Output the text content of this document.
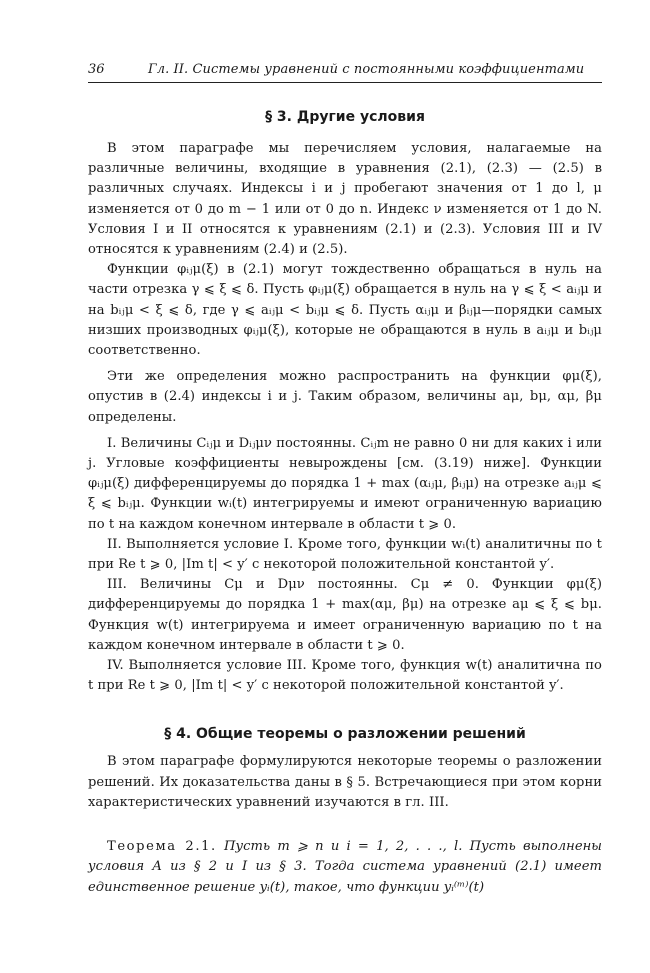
36	Гл. II. Системы уравнений с постоянными коэффициентами
§ 3. Другие условия

В этом параграфе мы перечисляем условия, налагаемые на различные величины, входящие в уравнения (2.1), (2.3) — (2.5) в различных случаях. Индексы i и j пробегают значения от 1 до l, μ изменяется от 0 до m − 1 или от 0 до n. Индекс ν изменяется от 1 до N. Условия I и II относятся к уравнениям (2.1) и (2.3). Условия III и IV относятся к уравнениям (2.4) и (2.5).

Функции φᵢⱼμ(ξ) в (2.1) могут тождественно обращаться в нуль на части отрезка γ ⩽ ξ ⩽ δ. Пусть φᵢⱼμ(ξ) обращается в нуль на γ ⩽ ξ < aᵢⱼμ и на bᵢⱼμ < ξ ⩽ δ, где γ ⩽ aᵢⱼμ < bᵢⱼμ ⩽ δ. Пусть αᵢⱼμ и βᵢⱼμ—порядки самых низших производных φᵢⱼμ(ξ), которые не обращаются в нуль в aᵢⱼμ и bᵢⱼμ соответственно.

Эти же определения можно распространить на функции φμ(ξ), опустив в (2.4) индексы i и j. Таким образом, величины aμ, bμ, αμ, βμ определены.

I. Величины Cᵢⱼμ и Dᵢⱼμν постоянны. Cᵢⱼm не равно 0 ни для каких i или j. Угловые коэффициенты невырождены [см. (3.19) ниже]. Функции φᵢⱼμ(ξ) дифференцируемы до порядка 1 + max (αᵢⱼμ, βᵢⱼμ) на отрезке aᵢⱼμ ⩽ ξ ⩽ bᵢⱼμ. Функции wᵢ(t) интегрируемы и имеют ограниченную вариацию по t на каждом конечном интервале в области t ⩾ 0.

II. Выполняется условие I. Кроме того, функции wᵢ(t) аналитичны по t при Re t ⩾ 0, |Im t| < y′ с некоторой положительной константой y′.

III. Величины Cμ и Dμν постоянны. Cμ ≠ 0. Функции φμ(ξ) дифференцируемы до порядка 1 + max(αμ, βμ) на отрезке aμ ⩽ ξ ⩽ bμ. Функция w(t) интегрируема и имеет ограниченную вариацию по t на каждом конечном интервале в области t ⩾ 0.

IV. Выполняется условие III. Кроме того, функция w(t) аналитична по t при Re t ⩾ 0, |Im t| < y′ с некоторой положительной константой y′.

§ 4. Общие теоремы о разложении решений

В этом параграфе формулируются некоторые теоремы о разложении решений. Их доказательства даны в § 5. Встречающиеся при этом корни характеристических уравнений изучаются в гл. III.

Теорема 2.1. Пусть m ⩾ n и i = 1, 2, . . ., l. Пусть выполнены условия A из § 2 и I из § 3. Тогда система уравнений (2.1) имеет единственное решение yᵢ(t), такое, что функции yᵢ⁽ᵐ⁾(t)
